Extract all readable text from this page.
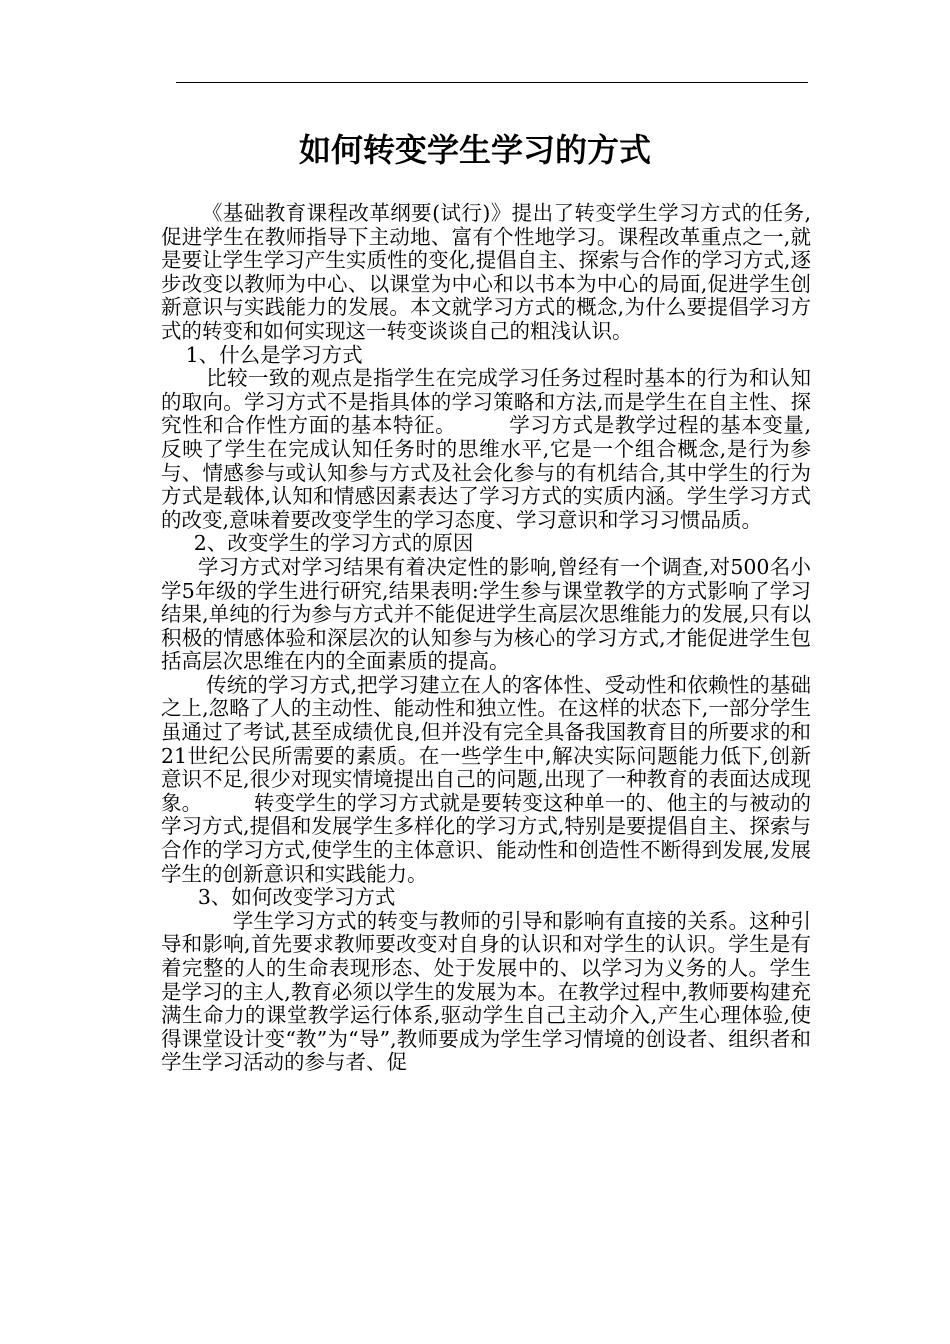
如何转变学生学习的方式

《基础教育课程改革纲要(试行)》提出了转变学生学习方式的任务,促进学生在教师指导下主动地、富有个性地学习。课程改革重点之一,就是要让学生学习产生实质性的变化,提倡自主、探索与合作的学习方式,逐步改变以教师为中心、以课堂为中心和以书本为中心的局面,促进学生创新意识与实践能力的发展。本文就学习方式的概念,为什么要提倡学习方式的转变和如何实现这一转变谈谈自己的粗浅认识。

1、什么是学习方式

比较一致的观点是指学生在完成学习任务过程时基本的行为和认知的取向。学习方式不是指具体的学习策略和方法,而是学生在自主性、探究性和合作性方面的基本特征。　　　学习方式是教学过程的基本变量,反映了学生在完成认知任务时的思维水平,它是一个组合概念,是行为参与、情感参与或认知参与方式及社会化参与的有机结合,其中学生的行为方式是载体,认知和情感因素表达了学习方式的实质内涵。学生学习方式的改变,意味着要改变学生的学习态度、学习意识和学习习惯品质。

2、改变学生的学习方式的原因

学习方式对学习结果有着决定性的影响,曾经有一个调查,对500名小学5年级的学生进行研究,结果表明:学生参与课堂教学的方式影响了学习结果,单纯的行为参与方式并不能促进学生高层次思维能力的发展,只有以积极的情感体验和深层次的认知参与为核心的学习方式,才能促进学生包括高层次思维在内的全面素质的提高。

传统的学习方式,把学习建立在人的客体性、受动性和依赖性的基础之上,忽略了人的主动性、能动性和独立性。在这样的状态下,一部分学生虽通过了考试,甚至成绩优良,但并没有完全具备我国教育目的所要求的和21世纪公民所需要的素质。在一些学生中,解决实际问题能力低下,创新意识不足,很少对现实情境提出自己的问题,出现了一种教育的表面达成现象。　　　转变学生的学习方式就是要转变这种单一的、他主的与被动的学习方式,提倡和发展学生多样化的学习方式,特别是要提倡自主、探索与合作的学习方式,使学生的主体意识、能动性和创造性不断得到发展,发展学生的创新意识和实践能力。

3、如何改变学习方式

学生学习方式的转变与教师的引导和影响有直接的关系。这种引导和影响,首先要求教师要改变对自身的认识和对学生的认识。学生是有着完整的人的生命表现形态、处于发展中的、以学习为义务的人。学生是学习的主人,教育必须以学生的发展为本。在教学过程中,教师要构建充满生命力的课堂教学运行体系,驱动学生自己主动介入,产生心理体验,使得课堂设计变“教”为“导”,教师要成为学生学习情境的创设者、组织者和学生学习活动的参与者、促
